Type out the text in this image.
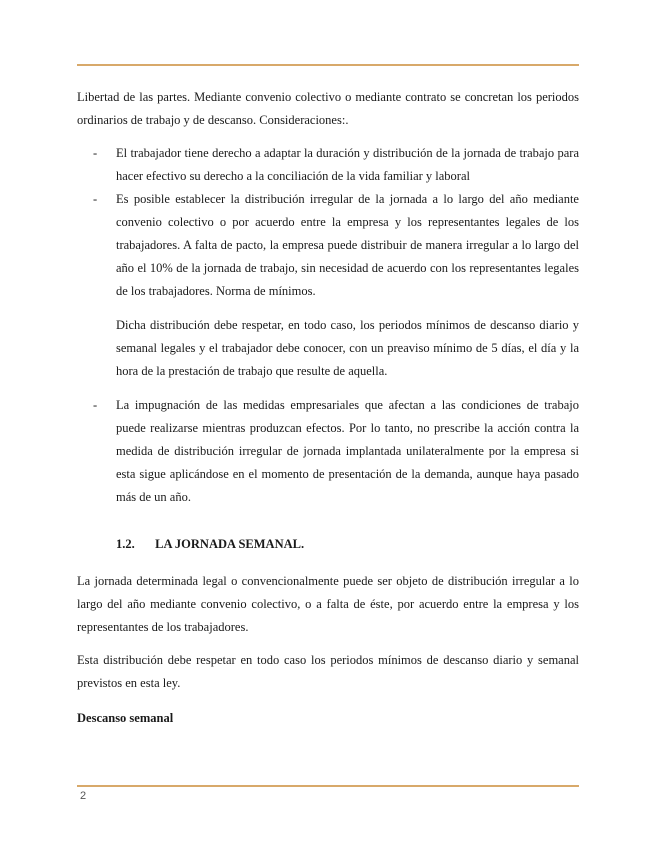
Libertad de las partes. Mediante convenio colectivo o mediante contrato se concretan los periodos ordinarios de trabajo y de descanso. Consideraciones:.

- El trabajador tiene derecho a adaptar la duración y distribución de la jornada de trabajo para hacer efectivo su derecho a la conciliación de la vida familiar y laboral

- Es posible establecer la distribución irregular de la jornada a lo largo del año mediante convenio colectivo o por acuerdo entre la empresa y los representantes legales de los trabajadores. A falta de pacto, la empresa puede distribuir de manera irregular a lo largo del año el 10% de la jornada de trabajo, sin necesidad de acuerdo con los representantes legales de los trabajadores. Norma de mínimos.

Dicha distribución debe respetar, en todo caso, los periodos mínimos de descanso diario y semanal legales y el trabajador debe conocer, con un preaviso mínimo de 5 días, el día y la hora de la prestación de trabajo que resulte de aquella.

- La impugnación de las medidas empresariales que afectan a las condiciones de trabajo puede realizarse mientras produzcan efectos. Por lo tanto, no prescribe la acción contra la medida de distribución irregular de jornada implantada unilateralmente por la empresa si esta sigue aplicándose en el momento de presentación de la demanda, aunque haya pasado más de un año.

1.2. LA JORNADA SEMANAL.

La jornada determinada legal o convencionalmente puede ser objeto de distribución irregular a lo largo del año mediante convenio colectivo, o a falta de éste, por acuerdo entre la empresa y los representantes de los trabajadores.

Esta distribución debe respetar en todo caso los periodos mínimos de descanso diario y semanal previstos en esta ley.

Descanso semanal

2
